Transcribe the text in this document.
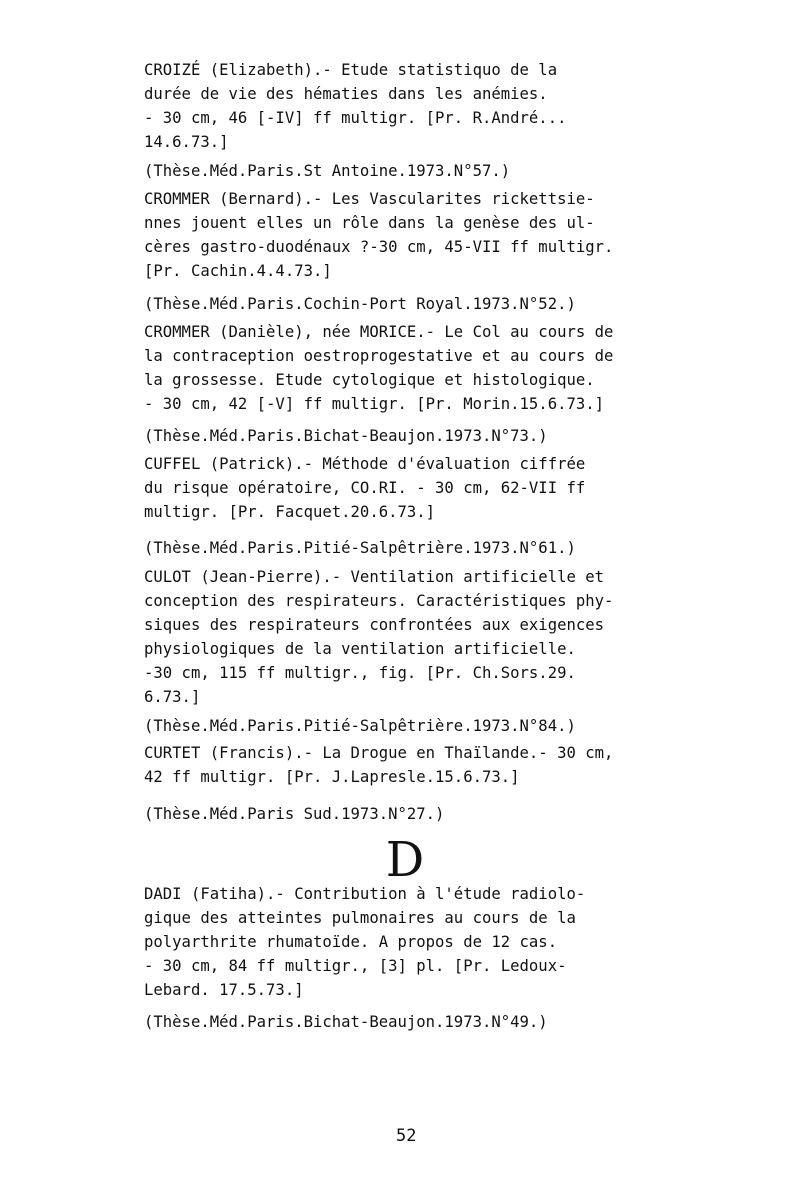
CROIZÉ (Elizabeth).- Etude statistiquo de la
durée de vie des hématies dans les anémies.
- 30 cm, 46 [-IV] ff multigr. [Pr. R.André...
14.6.73.]
(Thèse.Méd.Paris.St Antoine.1973.N°57.)
CROMMER (Bernard).- Les Vascularites rickettsie-
nnes jouent elles un rôle dans la genèse des ul-
cères gastro-duodénaux ?-30 cm, 45-VII ff multigr.
[Pr. Cachin.4.4.73.]
(Thèse.Méd.Paris.Cochin-Port Royal.1973.N°52.)
CROMMER (Danièle), née MORICE.- Le Col au cours de
la contraception oestroprogestative et au cours de
la grossesse. Etude cytologique et histologique.
- 30 cm, 42 [-V] ff multigr. [Pr. Morin.15.6.73.]
(Thèse.Méd.Paris.Bichat-Beaujon.1973.N°73.)
CUFFEL (Patrick).- Méthode d'évaluation ciffrée
du risque opératoire, CO.RI. - 30 cm, 62-VII ff
multigr. [Pr. Facquet.20.6.73.]
(Thèse.Méd.Paris.Pitié-Salpêtrière.1973.N°61.)
CULOT (Jean-Pierre).- Ventilation artificielle et
conception des respirateurs. Caractéristiques phy-
siques des respirateurs confrontées aux exigences
physiologiques de la ventilation artificielle.
-30 cm, 115 ff multigr., fig. [Pr. Ch.Sors.29.
6.73.]
(Thèse.Méd.Paris.Pitié-Salpêtrière.1973.N°84.)
CURTET (Francis).- La Drogue en Thaïlande.- 30 cm,
42 ff multigr. [Pr. J.Lapresle.15.6.73.]
(Thèse.Méd.Paris Sud.1973.N°27.)
D
DADI (Fatiha).- Contribution à l'étude radiolo-
gique des atteintes pulmonaires au cours de la
polyarthrite rhumatoïde. A propos de 12 cas.
- 30 cm, 84 ff multigr., [3] pl. [Pr. Ledoux-
Lebard. 17.5.73.]
(Thèse.Méd.Paris.Bichat-Beaujon.1973.N°49.)
52
